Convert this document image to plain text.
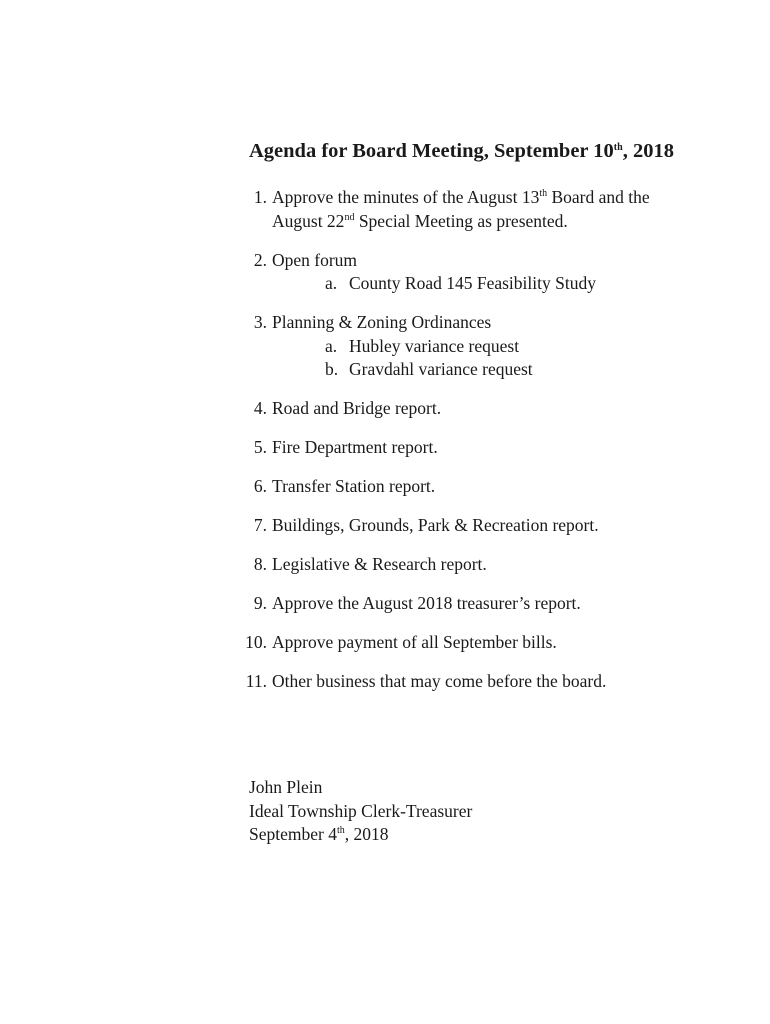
Agenda for Board Meeting, September 10th, 2018
1. Approve the minutes of the August 13th Board and the
August 22nd Special Meeting as presented.
2. Open forum
a. County Road 145 Feasibility Study
3. Planning & Zoning Ordinances
a. Hubley variance request
b. Gravdahl variance request
4. Road and Bridge report.
5. Fire Department report.
6. Transfer Station report.
7. Buildings, Grounds, Park & Recreation report.
8. Legislative & Research report.
9. Approve the August 2018 treasurer’s report.
10. Approve payment of all September bills.
11. Other business that may come before the board.
John Plein
Ideal Township Clerk-Treasurer
September 4th, 2018
